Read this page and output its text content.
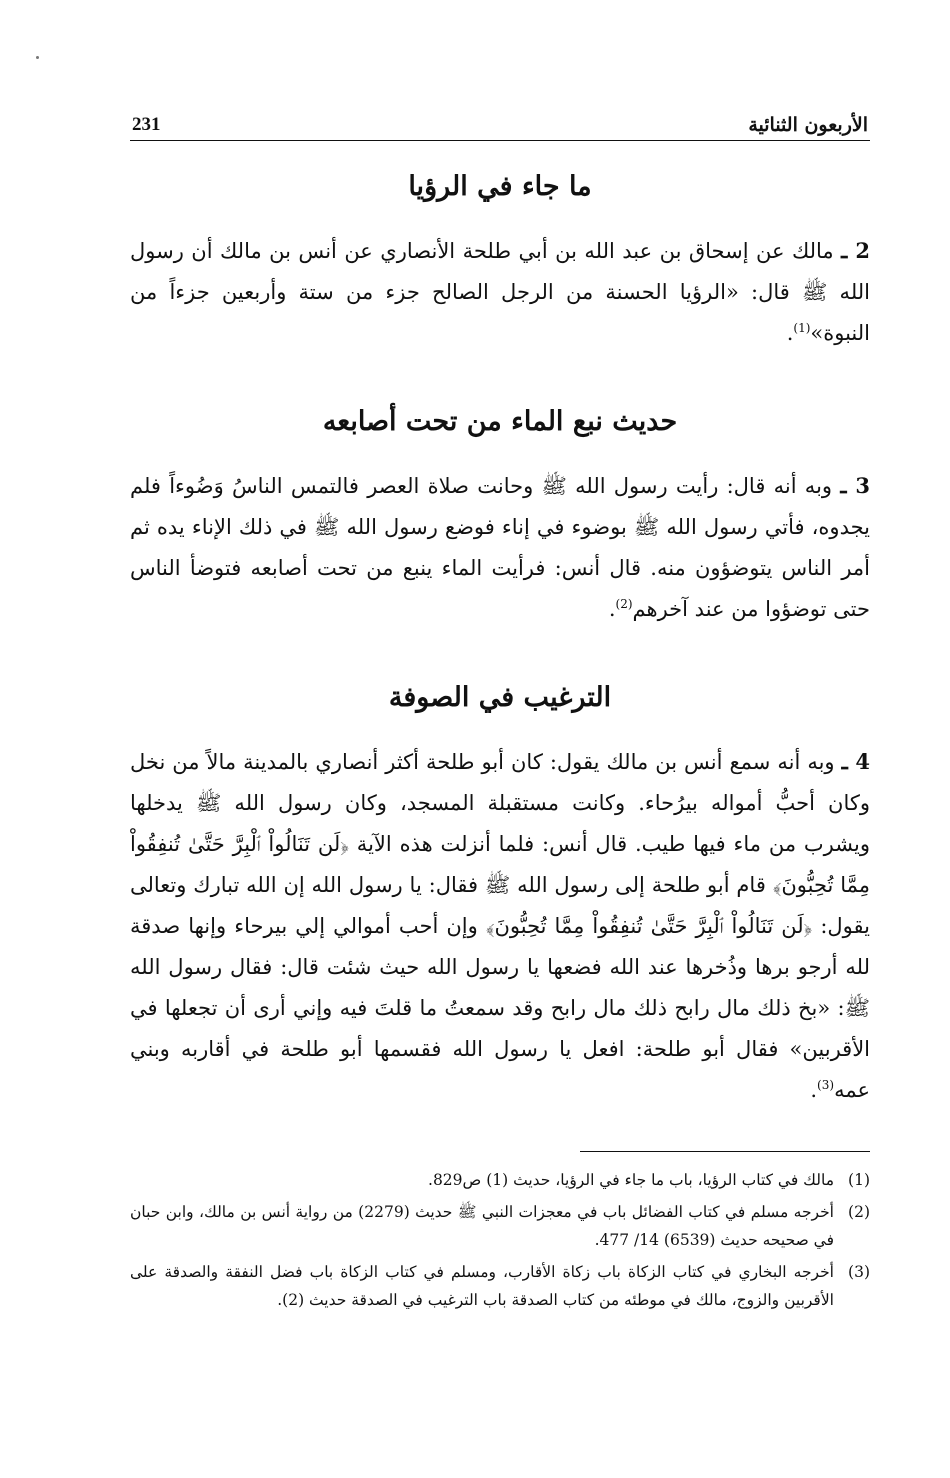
الأربعون الثنائية
231
ما جاء في الرؤيا

2 ـ مالك عن إسحاق بن عبد الله بن أبي طلحة الأنصاري عن أنس بن مالك أن رسول الله ﷺ قال: «الرؤيا الحسنة من الرجل الصالح جزء من ستة وأربعين جزءاً من النبوة»$^{(1)}$.

حديث نبع الماء من تحت أصابعه

3 ـ وبه أنه قال: رأيت رسول الله ﷺ وحانت صلاة العصر فالتمس الناسُ وَضُوءاً فلم يجدوه، فأتي رسول الله ﷺ بوضوء في إناء فوضع رسول الله ﷺ في ذلك الإناء يده ثم أمر الناس يتوضؤون منه. قال أنس: فرأيت الماء ينبع من تحت أصابعه فتوضأ الناس حتى توضؤوا من عند آخرهم$^{(2)}$.

الترغيب في الصوفة

4 ـ وبه أنه سمع أنس بن مالك يقول: كان أبو طلحة أكثر أنصاري بالمدينة مالاً من نخل وكان أحبُّ أمواله بيرُحاء. وكانت مستقبلة المسجد، وكان رسول الله ﷺ يدخلها ويشرب من ماء فيها طيب. قال أنس: فلما أنزلت هذه الآية ﴿لَن تَنَالُواْ ٱلْبِرَّ حَتَّىٰ تُنفِقُواْ مِمَّا تُحِبُّونَ﴾ قام أبو طلحة إلى رسول الله ﷺ فقال: يا رسول الله إن الله تبارك وتعالى يقول: ﴿لَن تَنَالُواْ ٱلْبِرَّ حَتَّىٰ تُنفِقُواْ مِمَّا تُحِبُّونَ﴾ وإن أحب أموالي إلي بيرحاء وإنها صدقة لله أرجو برها وذُخرها عند الله فضعها يا رسول الله حيث شئت قال: فقال رسول الله ﷺ: «بخ ذلك مال رابح ذلك مال رابح وقد سمعتُ ما قلتَ فيه وإني أرى أن تجعلها في الأقربين» فقال أبو طلحة: افعل يا رسول الله فقسمها أبو طلحة في أقاربه وبني عمه$^{(3)}$.

(1)
مالك في كتاب الرؤيا، باب ما جاء في الرؤيا، حديث (1) ص829.
(2)
أخرجه مسلم في كتاب الفضائل باب في معجزات النبي ﷺ حديث (2279) من رواية أنس بن مالك، وابن حبان في صحيحه حديث (6539) 14/ 477.
(3)
أخرجه البخاري في كتاب الزكاة باب زكاة الأقارب، ومسلم في كتاب الزكاة باب فضل النفقة والصدقة على الأقربين والزوج، مالك في موطئه من كتاب الصدقة باب الترغيب في الصدقة حديث (2).
